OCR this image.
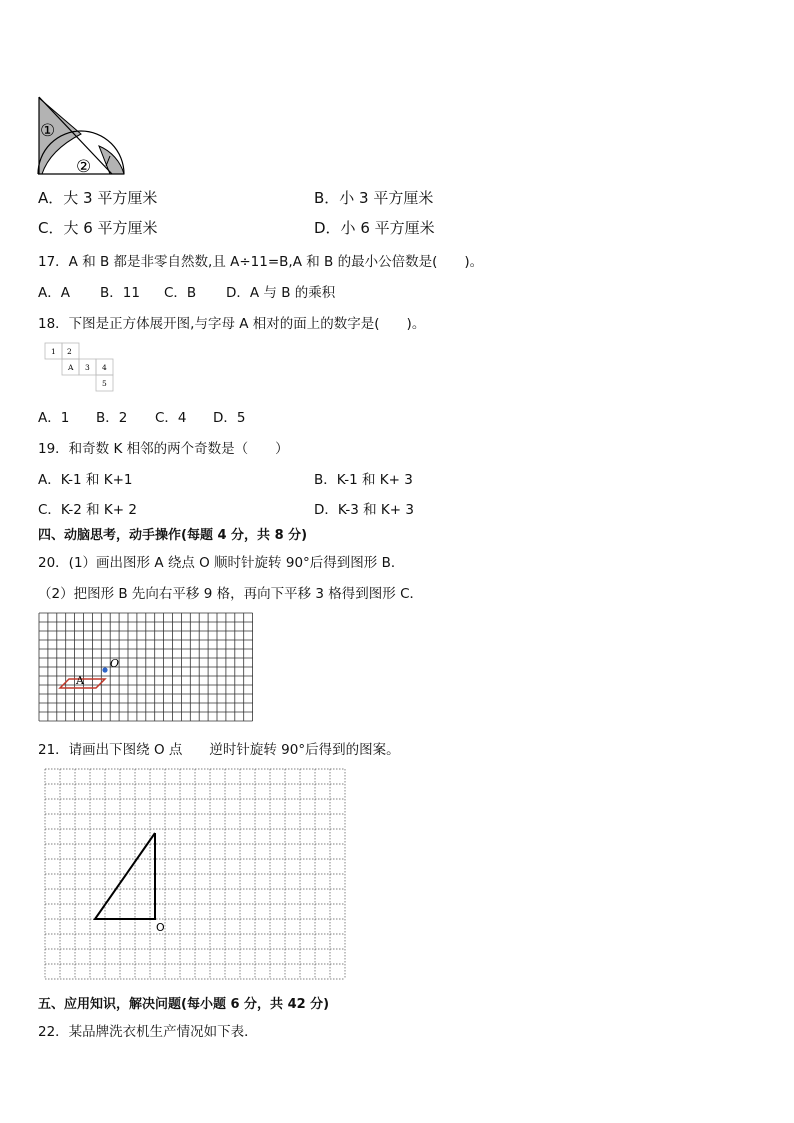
①
②
A．大 3 平方厘米	B．小 3 平方厘米
C．大 6 平方厘米	D．小 6 平方厘米
17．A 和 B 都是非零自然数,且 A÷11=B,A 和 B 的最小公倍数是(　　)。
A．A B．11 C．B D．A 与 B 的乘积
18．下图是正方体展开图,与字母 A 相对的面上的数字是(　　)。
1 2
A 3 4
5
A．1 B．2 C．4 D．5
19．和奇数 K 相邻的两个奇数是（　　）
A．K-1 和 K+1	B．K-1 和 K+ 3
C．K-2 和 K+ 2	D．K-3 和 K+ 3
四、动脑思考，动手操作(每题 4 分，共 8 分)
20．(1）画出图形 A 绕点 O 顺时针旋转 90°后得到图形 B．
（2）把图形 B 先向右平移 9 格，再向下平移 3 格得到图形 C．
A
O
21．请画出下图绕 O 点　　逆时针旋转 90°后得到的图案。
O
五、应用知识，解决问题(每小题 6 分，共 42 分)
22．某品牌洗衣机生产情况如下表．
